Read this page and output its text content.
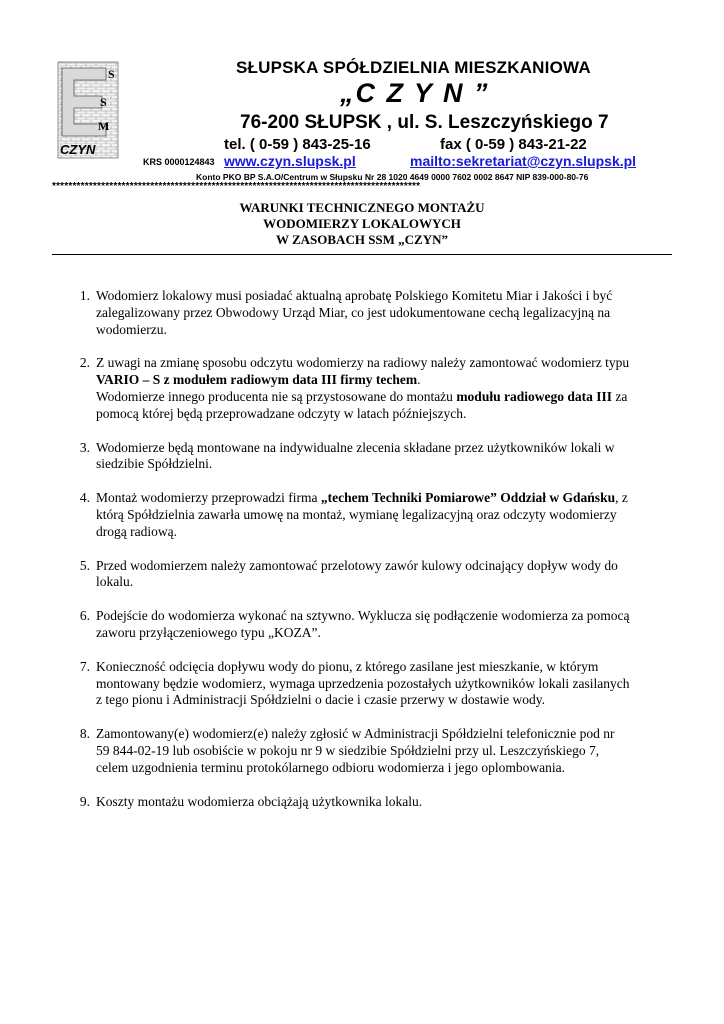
S
S
M
CZYN
SŁUPSKA SPÓŁDZIELNIA MIESZKANIOWA
„C Z Y N ”
76-200 SŁUPSK , ul. S. Leszczyńskiego 7
tel. ( 0-59 ) 843-25-16	fax ( 0-59 ) 843-21-22
KRS 0000124843 www.czyn.slupsk.pl	mailto:sekretariat@czyn.slupsk.pl
Konto PKO BP S.A.O/Centrum w Słupsku Nr 28 1020 4649 0000 7602 0002 8647 NIP 839-000-80-76
******************************************************************************************
WARUNKI TECHNICZNEGO MONTAŻU
WODOMIERZY LOKALOWYCH
W ZASOBACH SSM „CZYN”
1. Wodomierz lokalowy musi posiadać aktualną aprobatę Polskiego Komitetu Miar i Jakości i być
zalegalizowany przez Obwodowy Urząd Miar, co jest udokumentowane cechą legalizacyjną na
wodomierzu.
2. Z uwagi na zmianę sposobu odczytu wodomierzy na radiowy należy zamontować wodomierz typu
VARIO – S z modułem radiowym data III firmy techem.
Wodomierze innego producenta nie są przystosowane do montażu modułu radiowego data III za
pomocą której będą przeprowadzane odczyty w latach późniejszych.
3. Wodomierze będą montowane na indywidualne zlecenia składane przez użytkowników lokali w
siedzibie Spółdzielni.
4. Montaż wodomierzy przeprowadzi firma „techem Techniki Pomiarowe” Oddział w Gdańsku, z
którą Spółdzielnia zawarła umowę na montaż, wymianę legalizacyjną oraz odczyty wodomierzy
drogą radiową.
5. Przed wodomierzem należy zamontować przelotowy zawór kulowy odcinający dopływ wody do
lokalu.
6. Podejście do wodomierza wykonać na sztywno. Wyklucza się podłączenie wodomierza za pomocą
zaworu przyłączeniowego typu „KOZA”.
7. Konieczność odcięcia dopływu wody do pionu, z którego zasilane jest mieszkanie, w którym
montowany będzie wodomierz, wymaga uprzedzenia pozostałych użytkowników lokali zasilanych
z tego pionu i Administracji Spółdzielni o dacie i czasie przerwy w dostawie wody.
8. Zamontowany(e) wodomierz(e) należy zgłosić w Administracji Spółdzielni telefonicznie pod nr
59 844-02-19 lub osobiście w pokoju nr 9 w siedzibie Spółdzielni przy ul. Leszczyńskiego 7,
celem uzgodnienia terminu protokólarnego odbioru wodomierza i jego oplombowania.
9. Koszty montażu wodomierza obciążają użytkownika lokalu.
